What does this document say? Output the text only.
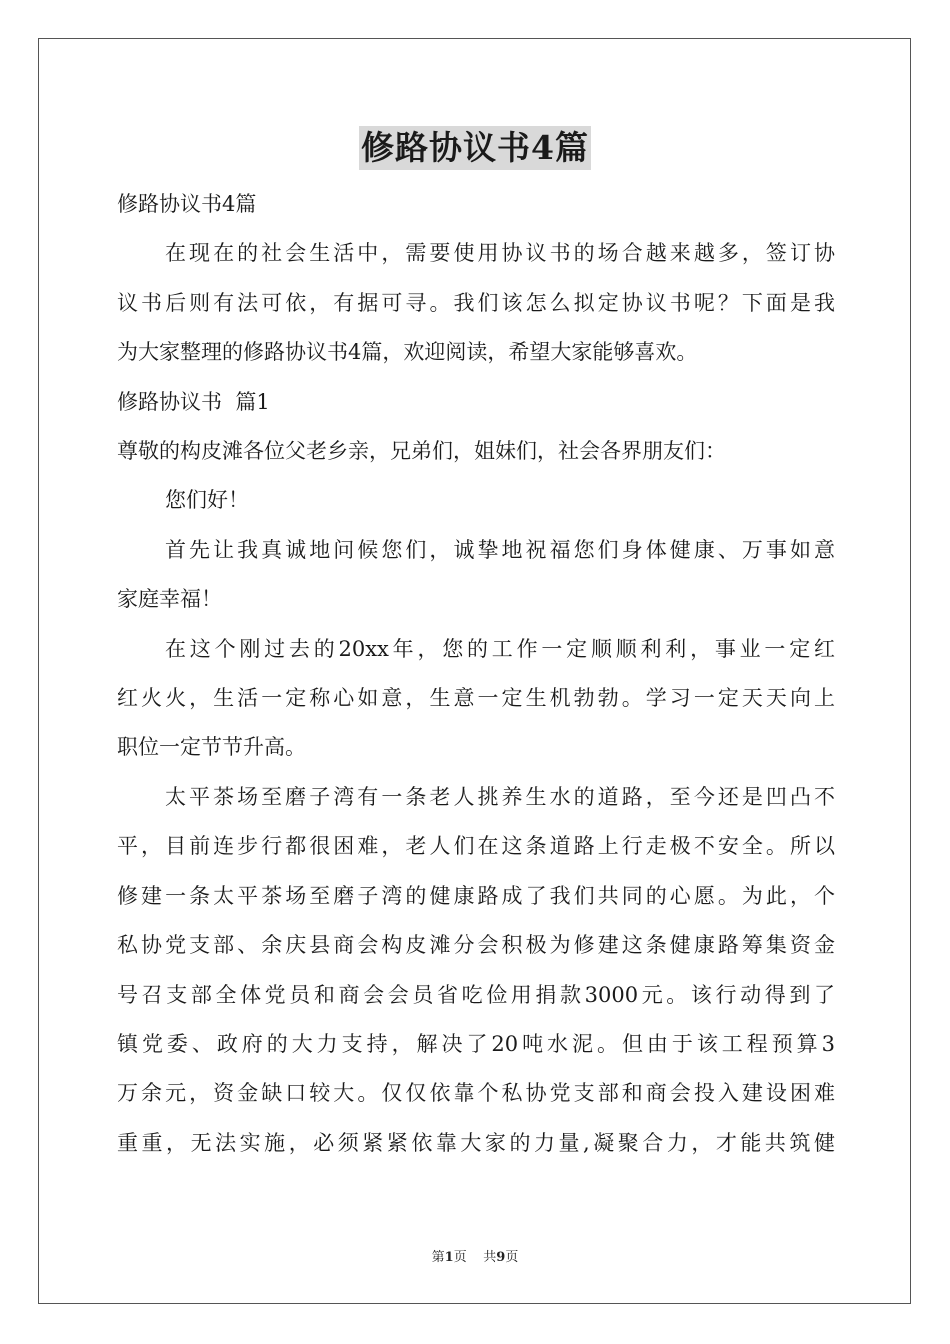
修路协议书4篇
修路协议书4篇
在现在的社会生活中，需要使用协议书的场合越来越多，签订协
议书后则有法可依，有据可寻。我们该怎么拟定协议书呢？下面是我
为大家整理的修路协议书4篇，欢迎阅读，希望大家能够喜欢。
修路协议书  篇1
尊敬的构皮滩各位父老乡亲，兄弟们，姐妹们，社会各界朋友们：
您们好！
首先让我真诚地问候您们，诚挚地祝福您们身体健康、万事如意
家庭幸福！
在这个刚过去的20xx年，您的工作一定顺顺利利，事业一定红
红火火，生活一定称心如意，生意一定生机勃勃。学习一定天天向上
职位一定节节升高。
太平茶场至磨子湾有一条老人挑养生水的道路，至今还是凹凸不
平，目前连步行都很困难，老人们在这条道路上行走极不安全。所以
修建一条太平茶场至磨子湾的健康路成了我们共同的心愿。为此，个
私协党支部、余庆县商会构皮滩分会积极为修建这条健康路筹集资金
号召支部全体党员和商会会员省吃俭用捐款3000元。该行动得到了
镇党委、政府的大力支持，解决了20吨水泥。但由于该工程预算3
万余元，资金缺口较大。仅仅依靠个私协党支部和商会投入建设困难
重重，无法实施，必须紧紧依靠大家的力量,凝聚合力，才能共筑健
第1页 共9页
